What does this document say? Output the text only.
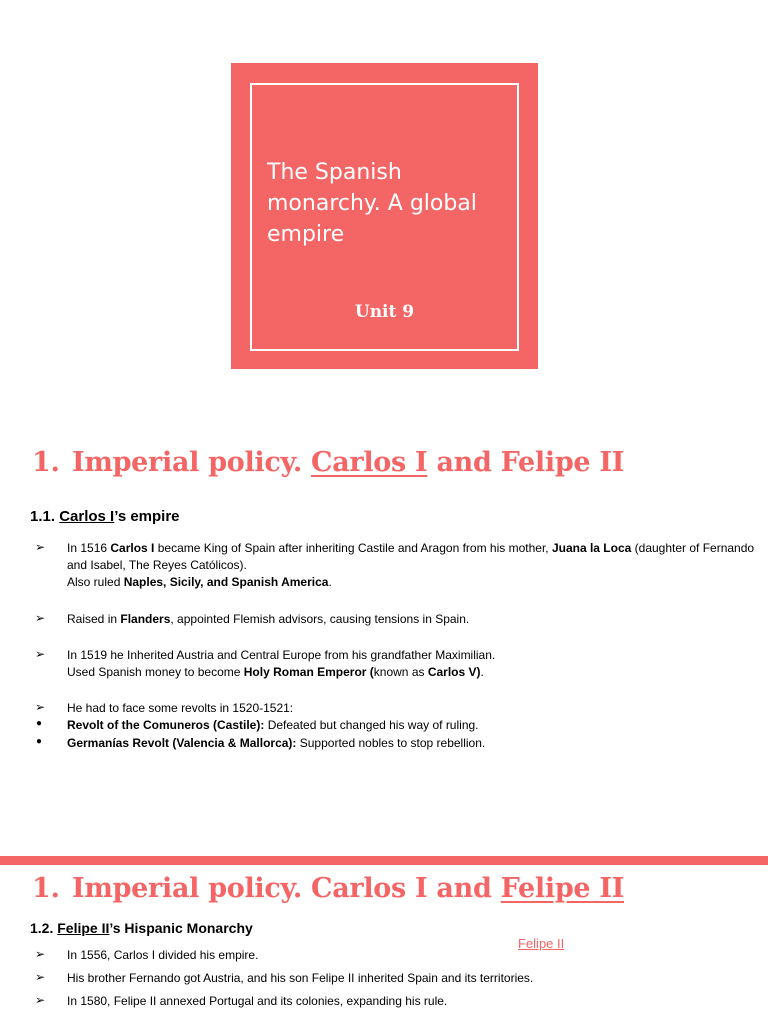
The Spanish monarchy. A global empire
Unit 9
1. Imperial policy. Carlos I and Felipe II
1.1. Carlos I’s empire
➢ In 1516 Carlos I became King of Spain after inheriting Castile and Aragon from his mother, Juana la Loca (daughter of Fernando and Isabel, The Reyes Católicos).
Also ruled Naples, Sicily, and Spanish America.
➢ Raised in Flanders, appointed Flemish advisors, causing tensions in Spain.
➢ In 1519 he Inherited Austria and Central Europe from his grandfather Maximilian.
Used Spanish money to become Holy Roman Emperor (known as Carlos V).
➢ He had to face some revolts in 1520-1521:
● Revolt of the Comuneros (Castile): Defeated but changed his way of ruling.
● Germanías Revolt (Valencia & Mallorca): Supported nobles to stop rebellion.
1. Imperial policy. Carlos I and Felipe II
1.2. Felipe II’s Hispanic Monarchy
Felipe II
➢ In 1556, Carlos I divided his empire.
➢ His brother Fernando got Austria, and his son Felipe II inherited Spain and its territories.
➢ In 1580, Felipe II annexed Portugal and its colonies, expanding his rule.
